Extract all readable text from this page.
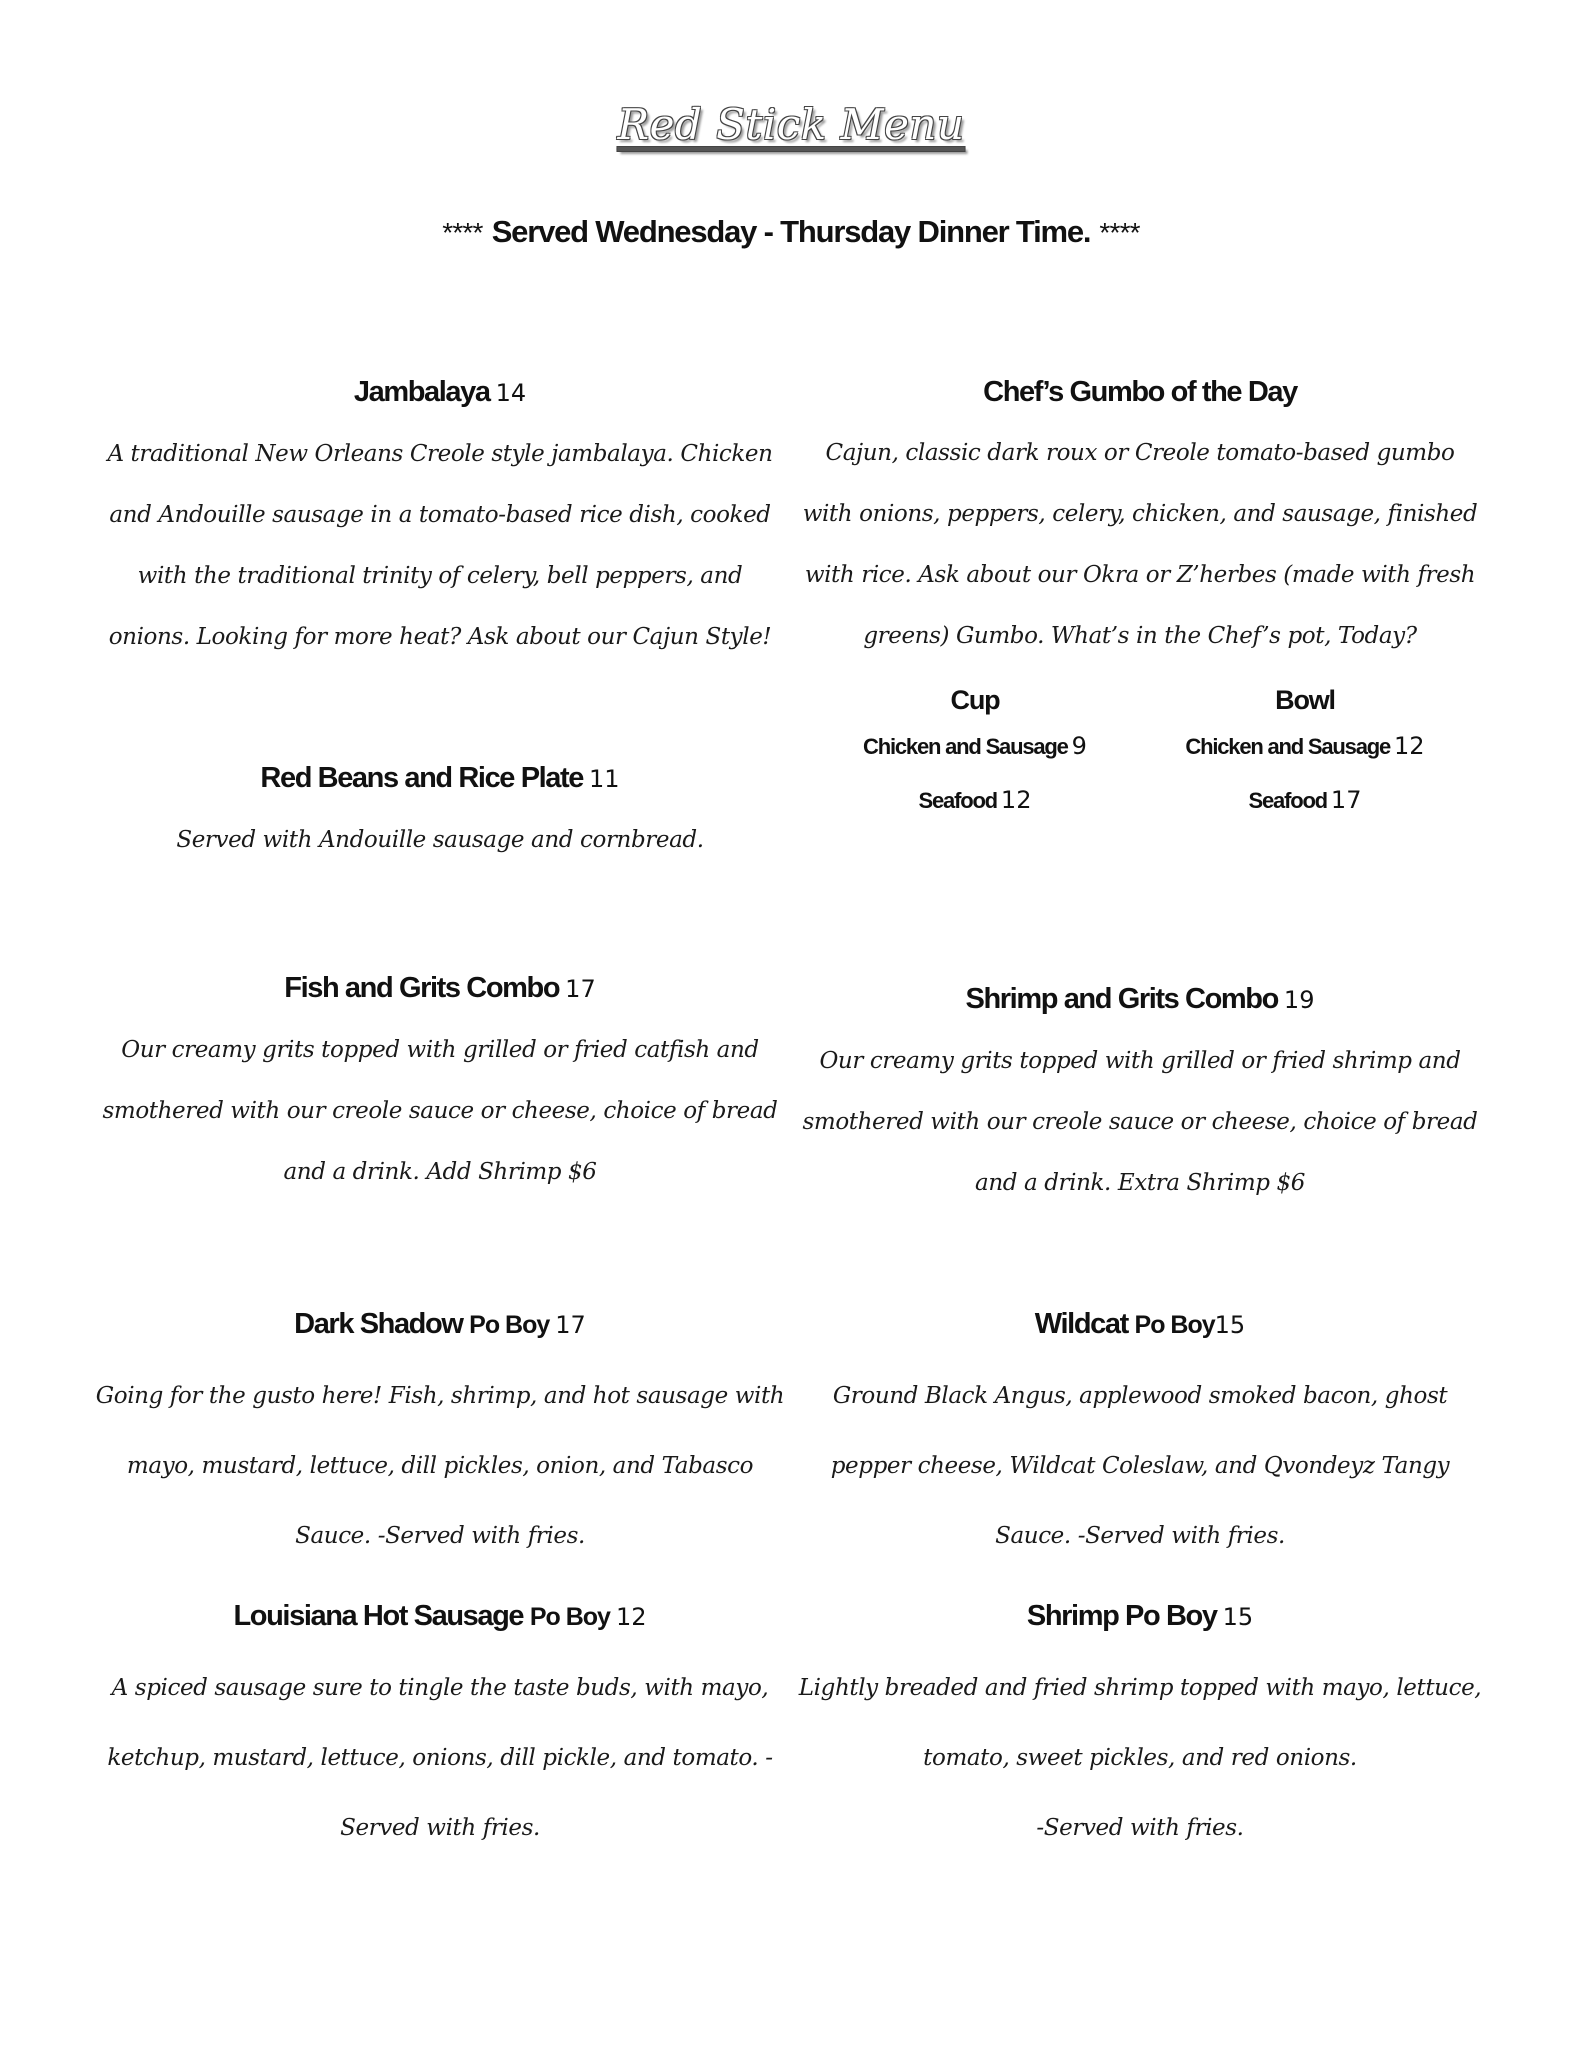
Red Stick Menu
**** Served Wednesday - Thursday Dinner Time. ****
Jambalaya 14

A traditional New Orleans Creole style jambalaya. Chicken
and Andouille sausage in a tomato-based rice dish, cooked
with the traditional trinity of celery, bell peppers, and
onions. Looking for more heat? Ask about our Cajun Style!

Chef’s Gumbo of the Day

Cajun, classic dark roux or Creole tomato-based gumbo
with onions, peppers, celery, chicken, and sausage, finished
with rice. Ask about our Okra or Z’herbes (made with fresh
greens) Gumbo. What’s in the Chef’s pot, Today?

Cup
Chicken and Sausage 9
Seafood 12
Bowl
Chicken and Sausage 12
Seafood 17
Red Beans and Rice Plate 11

Served with Andouille sausage and cornbread.

Fish and Grits Combo 17

Our creamy grits topped with grilled or fried catfish and
smothered with our creole sauce or cheese, choice of bread
and a drink. Add Shrimp $6

Shrimp and Grits Combo 19

Our creamy grits topped with grilled or fried shrimp and
smothered with our creole sauce or cheese, choice of bread
and a drink. Extra Shrimp $6

Dark Shadow Po Boy 17

Going for the gusto here! Fish, shrimp, and hot sausage with
mayo, mustard, lettuce, dill pickles, onion, and Tabasco
Sauce. -Served with fries.

Wildcat Po Boy15

Ground Black Angus, applewood smoked bacon, ghost
pepper cheese, Wildcat Coleslaw, and Qvondeyz Tangy
Sauce. -Served with fries.

Louisiana Hot Sausage Po Boy 12

A spiced sausage sure to tingle the taste buds, with mayo,
ketchup, mustard, lettuce, onions, dill pickle, and tomato. -
Served with fries.

Shrimp Po Boy 15

Lightly breaded and fried shrimp topped with mayo, lettuce,
tomato, sweet pickles, and red onions.
-Served with fries.
